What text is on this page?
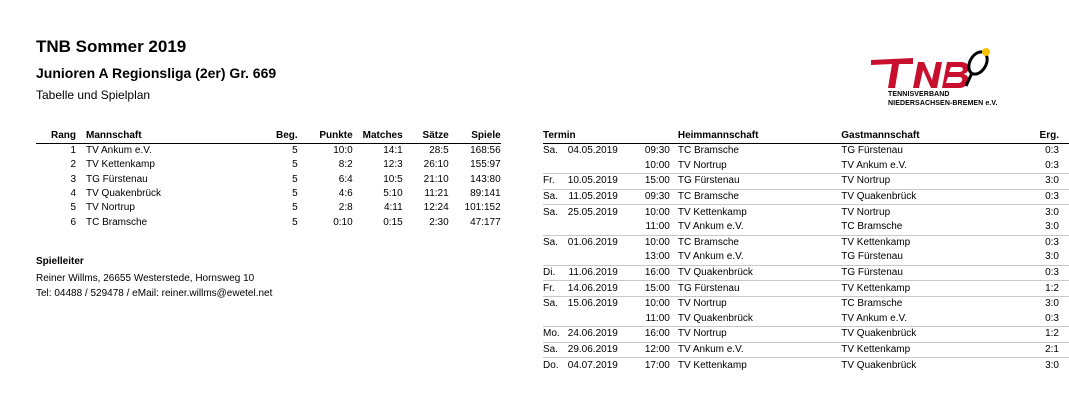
TNB Sommer 2019
Junioren A Regionsliga (2er) Gr. 669

Tabelle und Spielplan	TENNISVERBAND
NIEDERSACHSEN-BREMEN e.V.
Rang	Mannschaft	Beg.	Punkte	Matches	Sätze	Spiele
1	TV Ankum e.V.	5	10:0	14:1	28:5	168:56
2	TV Kettenkamp	5	8:2	12:3	26:10	155:97
3	TG Fürstenau	5	6:4	10:5	21:10	143:80
4	TV Quakenbrück	5	4:6	5:10	11:21	89:141
5	TV Nortrup	5	2:8	4:11	12:24	101:152
6	TC Bramsche	5	0:10	0:15	2:30	47:177

Spielleiter

Reiner Willms, 26655 Westerstede, Hornsweg 10

Tel: 04488 / 529478 / eMail: reiner.willms@ewetel.net

Termin			Heimmannschaft	Gastmannschaft	Erg.
Sa.	04.05.2019	09:30	TC Bramsche	TG Fürstenau	0:3
		10:00	TV Nortrup	TV Ankum e.V.	0:3
Fr.	10.05.2019	15:00	TG Fürstenau	TV Nortrup	3:0
Sa.	11.05.2019	09:30	TC Bramsche	TV Quakenbrück	0:3
Sa.	25.05.2019	10:00	TV Kettenkamp	TV Nortrup	3:0
		11:00	TV Ankum e.V.	TC Bramsche	3:0
Sa.	01.06.2019	10:00	TC Bramsche	TV Kettenkamp	0:3
		13:00	TV Ankum e.V.	TG Fürstenau	3:0
Di.	11.06.2019	16:00	TV Quakenbrück	TG Fürstenau	0:3
Fr.	14.06.2019	15:00	TG Fürstenau	TV Kettenkamp	1:2
Sa.	15.06.2019	10:00	TV Nortrup	TC Bramsche	3:0
		11:00	TV Quakenbrück	TV Ankum e.V.	0:3
Mo.	24.06.2019	16:00	TV Nortrup	TV Quakenbrück	1:2
Sa.	29.06.2019	12:00	TV Ankum e.V.	TV Kettenkamp	2:1
Do.	04.07.2019	17:00	TV Kettenkamp	TV Quakenbrück	3:0
